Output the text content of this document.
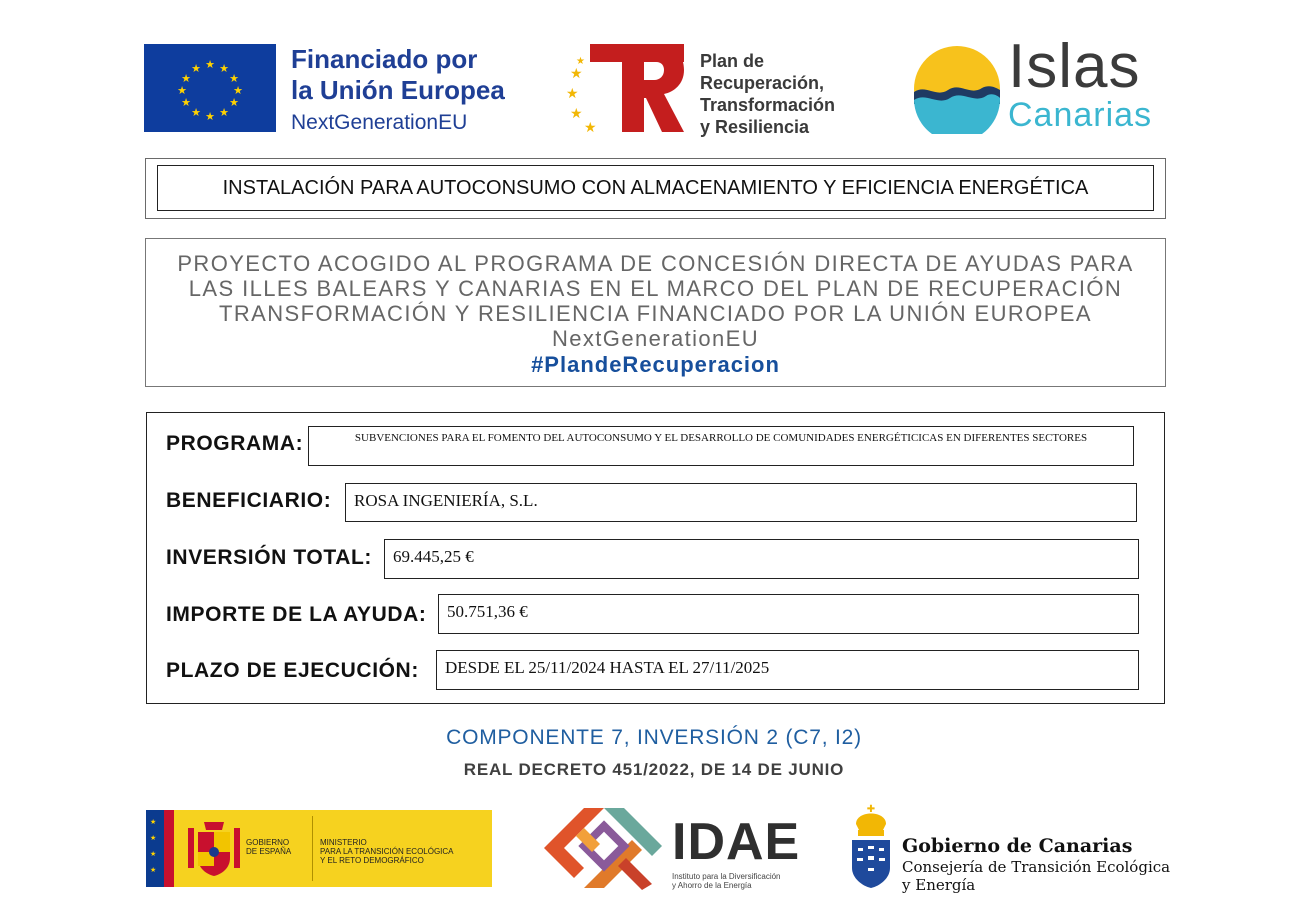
★ ★
★
★
★
★
★
★
★
★
★
★	Financiado por
la Unión Europea
NextGenerationEU
★
★
★
★
★	Plan de
Recuperación,
Transformación
y Resiliencia
Islas
Canarias
INSTALACIÓN PARA AUTOCONSUMO CON ALMACENAMIENTO Y EFICIENCIA ENERGÉTICA
PROYECTO ACOGIDO AL PROGRAMA DE CONCESIÓN DIRECTA DE AYUDAS PARA
LAS ILLES BALEARS Y CANARIAS EN EL MARCO DEL PLAN DE RECUPERACIÓN
TRANSFORMACIÓN Y RESILIENCIA FINANCIADO POR LA UNIÓN EUROPEA
NextGenerationEU
#PlandeRecuperacion
PROGRAMA:	SUBVENCIONES PARA EL FOMENTO DEL AUTOCONSUMO Y EL DESARROLLO DE COMUNIDADES ENERGÉTICICAS EN DIFERENTES SECTORES
BENEFICIARIO:	ROSA INGENIERÍA, S.L.
INVERSIÓN TOTAL:	69.445,25 €
IMPORTE DE LA AYUDA:	50.751,36 €
PLAZO DE EJECUCIÓN:	DESDE EL 25/11/2024 HASTA EL 27/11/2025
COMPONENTE 7, INVERSIÓN 2 (C7, I2)
REAL DECRETO 451/2022, DE 14 DE JUNIO
★
★
★
★
GOBIERNO
DE ESPAÑA
MINISTERIO
PARA LA TRANSICIÓN ECOLÓGICA
Y EL RETO DEMOGRÁFICO	IDAE
Instituto para la Diversificación
y Ahorro de la Energía
✚
Gobierno de Canarias
Consejería de Transición Ecológica
y Energía
